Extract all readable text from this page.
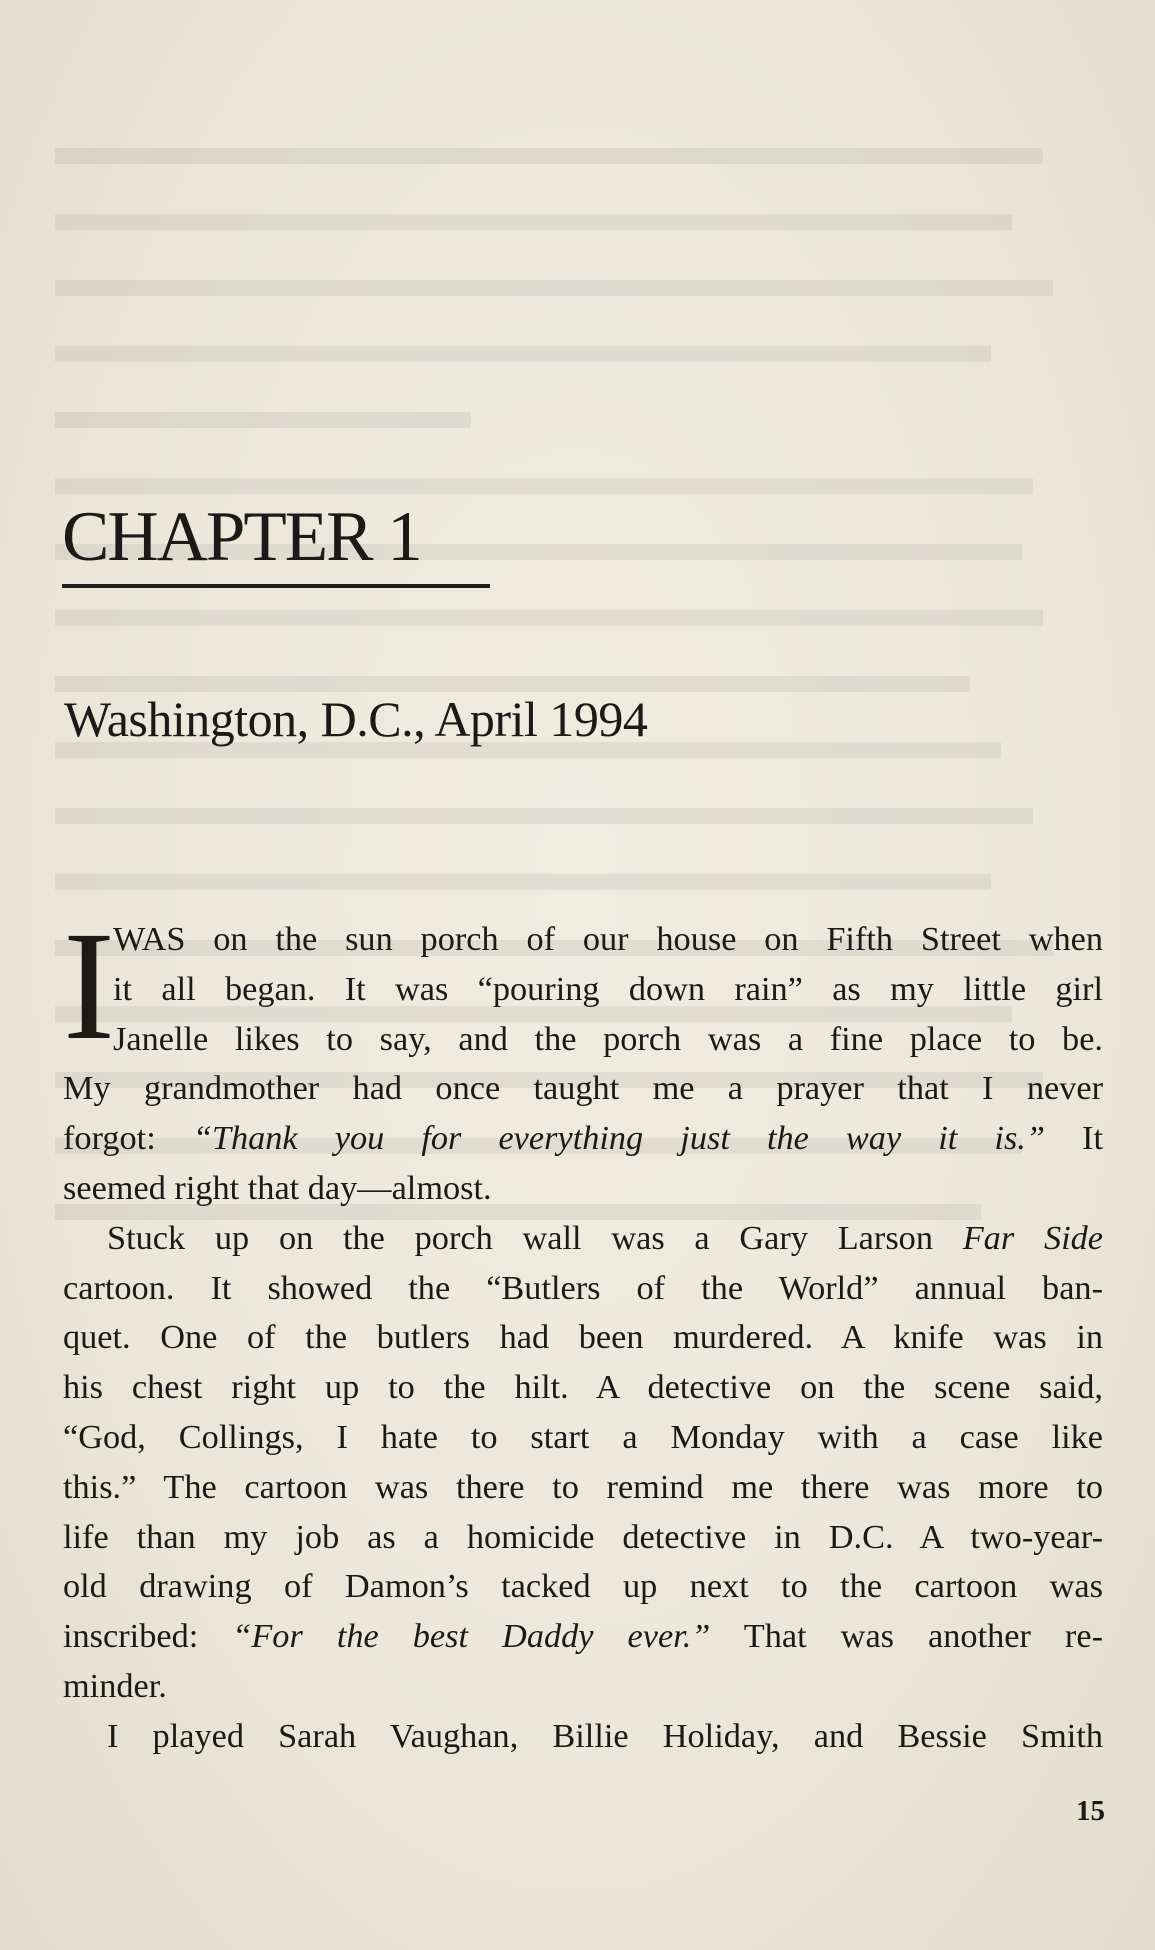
CHAPTER 1
Washington, D.C., April 1994
I
WAS on the sun porch of our house on Fifth Street when
it all began. It was “pouring down rain” as my little girl
Janelle likes to say, and the porch was a fine place to be.
My grandmother had once taught me a prayer that I never
forgot: “Thank you for everything just the way it is.” It
seemed right that day—almost.
Stuck up on the porch wall was a Gary Larson Far Side
cartoon. It showed the “Butlers of the World” annual ban-
quet. One of the butlers had been murdered. A knife was in
his chest right up to the hilt. A detective on the scene said,
“God, Collings, I hate to start a Monday with a case like
this.” The cartoon was there to remind me there was more to
life than my job as a homicide detective in D.C. A two-year-
old drawing of Damon’s tacked up next to the cartoon was
inscribed: “For the best Daddy ever.” That was another re-
minder.
I played Sarah Vaughan, Billie Holiday, and Bessie Smith

15
